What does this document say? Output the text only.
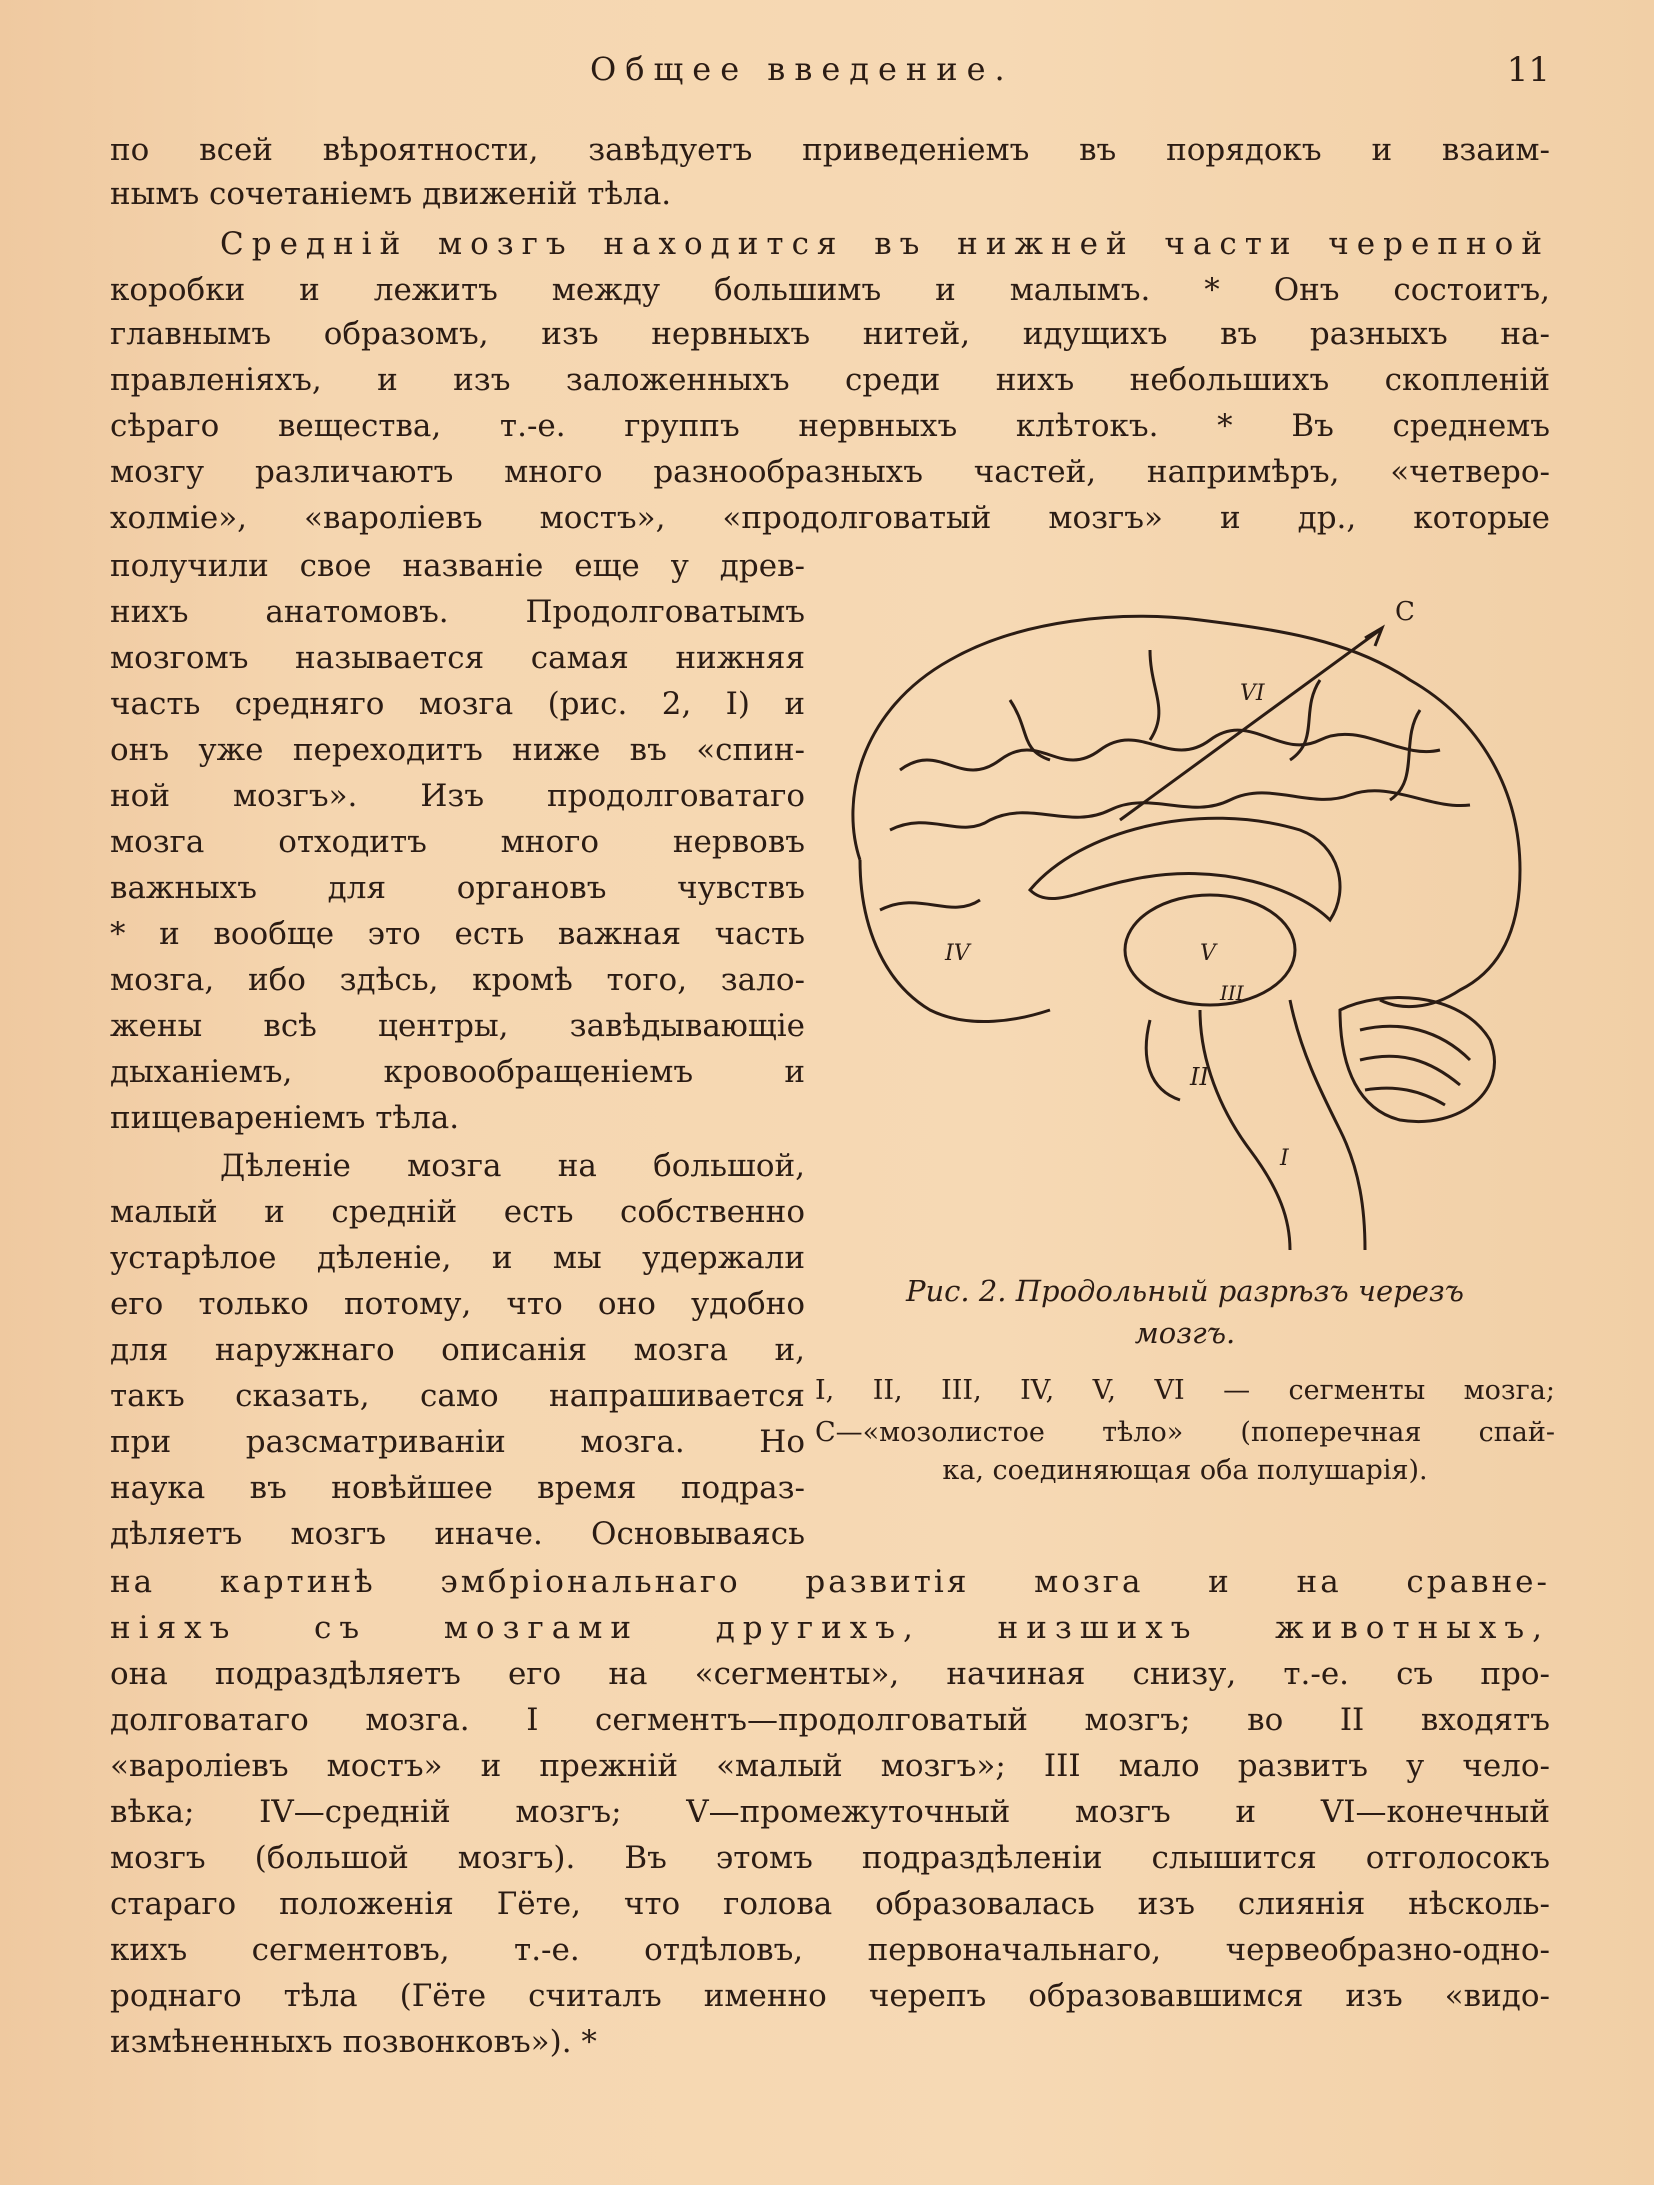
Общее введение.	11
по всей вѣроятности, завѣдуетъ приведеніемъ въ порядокъ и взаим-
нымъ сочетаніемъ движеній тѣла.
Средній мозгъ находится въ нижней части черепной
коробки и лежитъ между большимъ и малымъ. * Онъ состоитъ,
главнымъ образомъ, изъ нервныхъ нитей, идущихъ въ разныхъ на-
правленіяхъ, и изъ заложенныхъ среди нихъ небольшихъ скопленій
сѣраго вещества, т.-е. группъ нервныхъ клѣтокъ. * Въ среднемъ
мозгу различаютъ много разнообразныхъ частей, напримѣръ, «четверо-
холміе», «вароліевъ мостъ», «продолговатый мозгъ» и др., которые
получили свое названіе еще у древ-
нихъ анатомовъ. Продолговатымъ
мозгомъ называется самая нижняя
часть средняго мозга (рис. 2, I) и
онъ уже переходитъ ниже въ «спин-
ной мозгъ». Изъ продолговатаго
мозга отходитъ много нервовъ
важныхъ для органовъ чувствъ
* и вообще это есть важная часть
мозга, ибо здѣсь, кромѣ того, зало-
жены всѣ центры, завѣдывающіе
дыханіемъ, кровообращеніемъ и
пищевареніемъ тѣла.
Дѣленіе мозга на большой,
малый и средній есть собственно
устарѣлое дѣленіе, и мы удержали
его только потому, что оно удобно
для наружнаго описанія мозга и,
такъ сказать, само напрашивается
при разсматриваніи мозга. Но
наука въ новѣйшее время подраз-
дѣляетъ мозгъ иначе. Основываясь
C
VI
V
IV
III
II
I
Рис. 2. Продольный разрѣзъ черезъ
мозгъ.
I, II, III, IV, V, VI — сегменты мозга;
C—«мозолистое тѣло» (поперечная спай-
ка, соединяющая оба полушарія).
на картинѣ эмбріональнаго развитія мозга и на сравне-
ніяхъ съ мозгами другихъ, низшихъ животныхъ,
она подраздѣляетъ его на «сегменты», начиная снизу, т.-е. съ про-
долговатаго мозга. I сегментъ—продолговатый мозгъ; во II входятъ
«вароліевъ мостъ» и прежній «малый мозгъ»; III мало развитъ у чело-
вѣка; IV—средній мозгъ; V—промежуточный мозгъ и VI—конечный
мозгъ (большой мозгъ). Въ этомъ подраздѣленіи слышится отголосокъ
стараго положенія Гёте, что голова образовалась изъ слиянія нѣсколь-
кихъ сегментовъ, т.-е. отдѣловъ, первоначальнаго, червеобразно-одно-
роднаго тѣла (Гёте считалъ именно черепъ образовавшимся изъ «видо-
измѣненныхъ позвонковъ»). *
